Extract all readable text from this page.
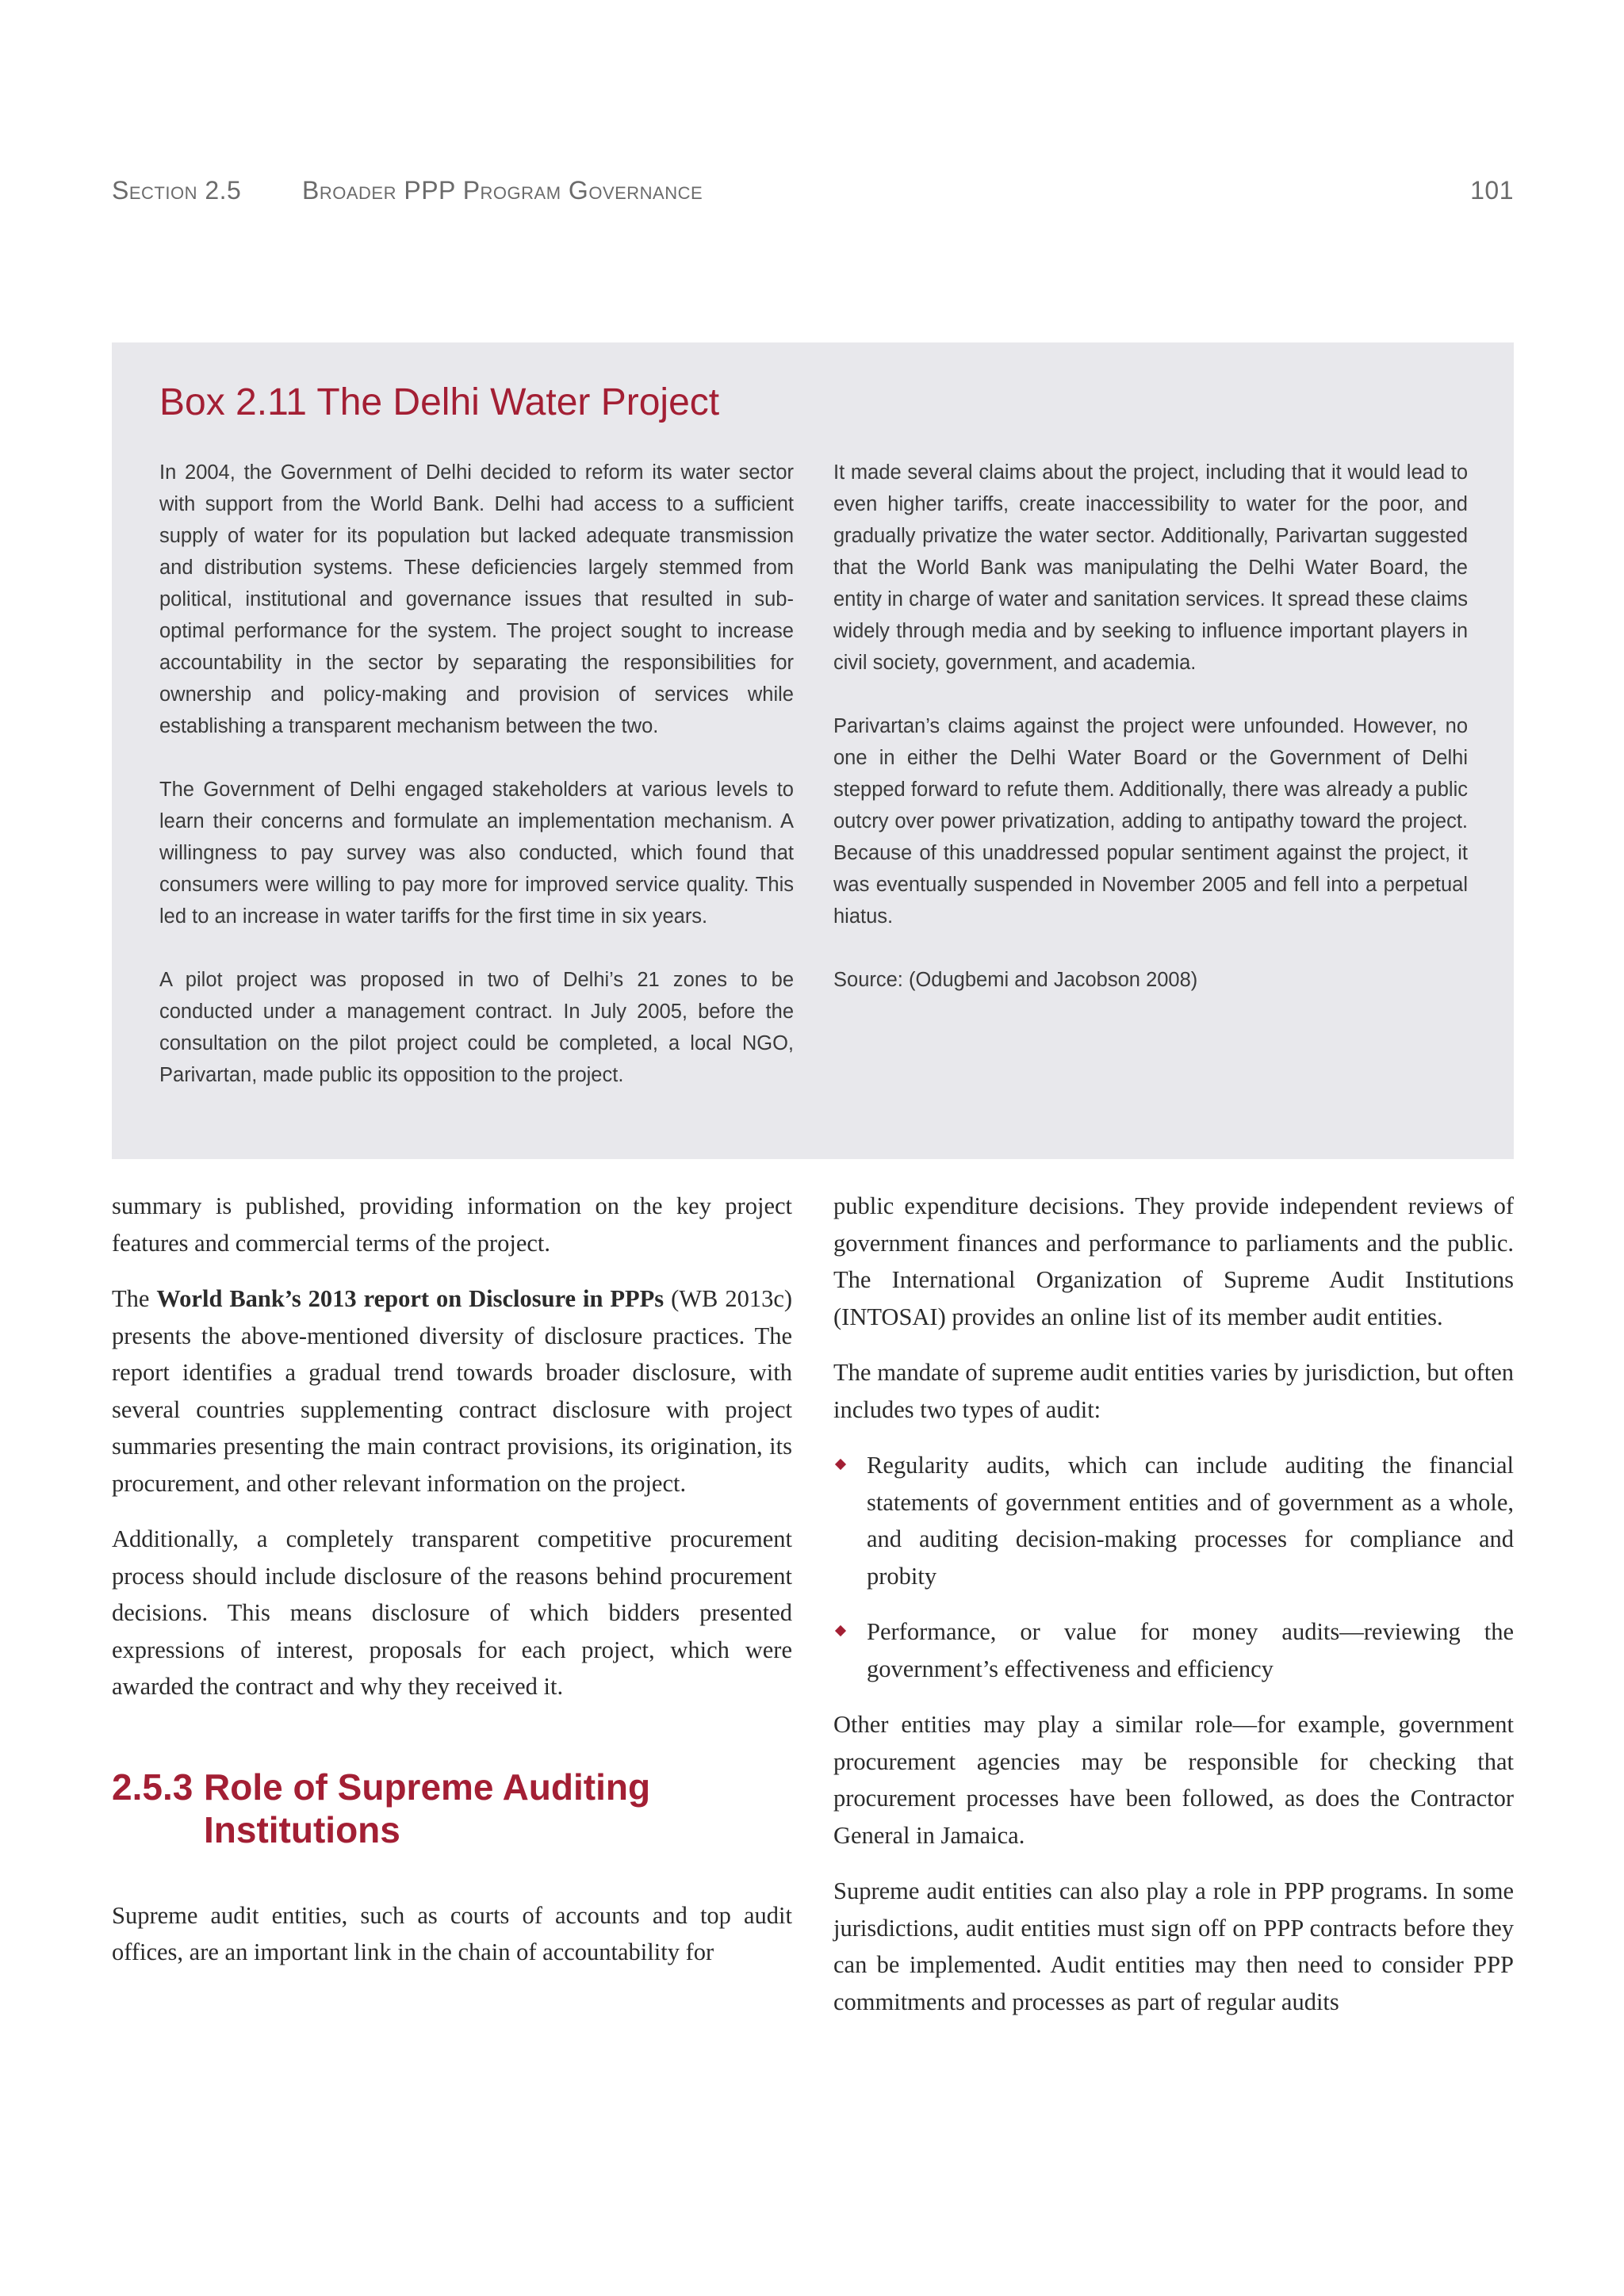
Section 2.5 Broader PPP Program Governance	101
Box 2.11 The Delhi Water Project

In 2004, the Government of Delhi decided to reform its water sector with support from the World Bank. Delhi had access to a sufficient supply of water for its population but lacked adequate transmission and distribution systems. These deficiencies largely stemmed from political, institutional and governance issues that resulted in sub-optimal performance for the system. The project sought to increase accountability in the sector by separating the responsibilities for ownership and policy-making and provision of services while establishing a transparent mechanism between the two.

The Government of Delhi engaged stakeholders at various levels to learn their concerns and formulate an implementation mechanism. A willingness to pay survey was also conducted, which found that consumers were willing to pay more for improved service quality. This led to an increase in water tariffs for the first time in six years.

A pilot project was proposed in two of Delhi’s 21 zones to be conducted under a management contract. In July 2005, before the consultation on the pilot project could be completed, a local NGO, Parivartan, made public its opposition to the project.

It made several claims about the project, including that it would lead to even higher tariffs, create inaccessibility to water for the poor, and gradually privatize the water sector. Additionally, Parivartan suggested that the World Bank was manipulating the Delhi Water Board, the entity in charge of water and sanitation services. It spread these claims widely through media and by seeking to influence important players in civil society, government, and academia.

Parivartan’s claims against the project were unfounded. However, no one in either the Delhi Water Board or the Government of Delhi stepped forward to refute them. Additionally, there was already a public outcry over power privatization, adding to antipathy toward the project. Because of this unaddressed popular sentiment against the project, it was eventually suspended in November 2005 and fell into a perpetual hiatus.

Source: (Odugbemi and Jacobson 2008)

summary is published, providing information on the key project features and commercial terms of the project.

The World Bank’s 2013 report on Disclosure in PPPs (WB 2013c) presents the above-mentioned diversity of disclosure practices. The report identifies a gradual trend towards broader disclosure, with several countries supplementing contract disclosure with project summaries presenting the main contract provisions, its origination, its procurement, and other relevant information on the project.

Additionally, a completely transparent competitive procurement process should include disclosure of the reasons behind procurement decisions. This means disclosure of which bidders presented expressions of interest, proposals for each project, which were awarded the contract and why they received it.

2.5.3 Role of Supreme Auditing Institutions

Supreme audit entities, such as courts of accounts and top audit offices, are an important link in the chain of accountability for

public expenditure decisions. They provide independent reviews of government finances and performance to parliaments and the public. The International Organization of Supreme Audit Institutions (INTOSAI) provides an online list of its member audit entities.

The mandate of supreme audit entities varies by jurisdiction, but often includes two types of audit:

Regularity audits, which can include auditing the financial statements of government entities and of government as a whole, and auditing decision-making processes for compliance and probity
Performance, or value for money audits—reviewing the government’s effectiveness and efficiency

Other entities may play a similar role—for example, government procurement agencies may be responsible for checking that procurement processes have been followed, as does the Contractor General in Jamaica.

Supreme audit entities can also play a role in PPP programs. In some jurisdictions, audit entities must sign off on PPP contracts before they can be implemented. Audit entities may then need to consider PPP commitments and processes as part of regular audits
